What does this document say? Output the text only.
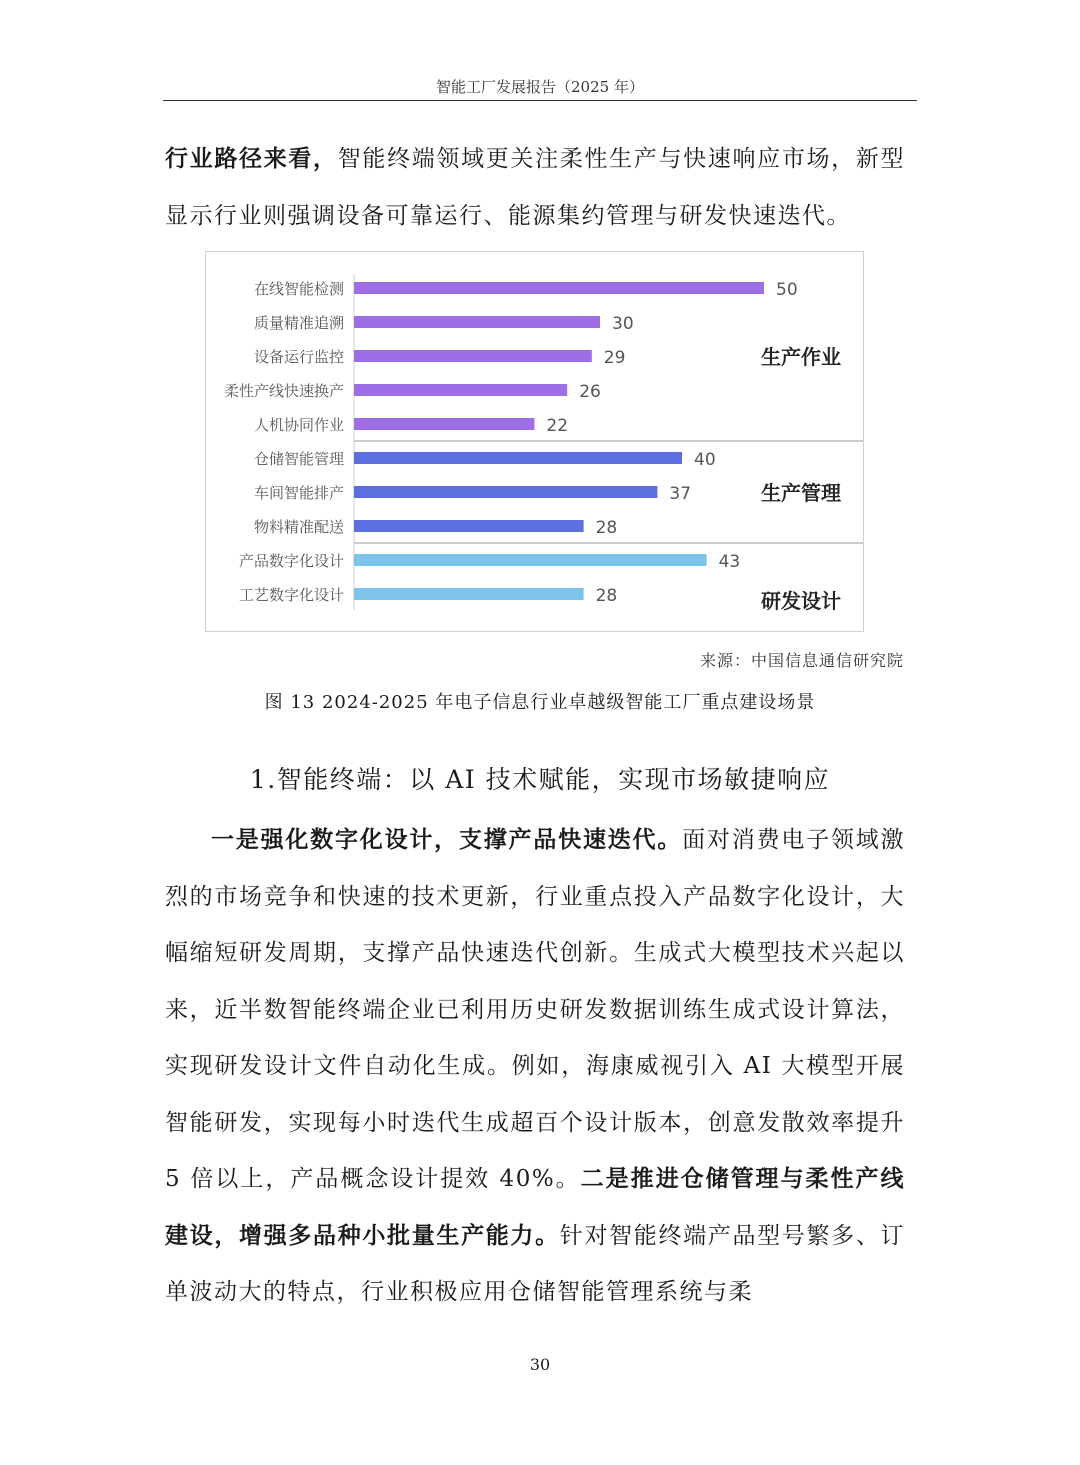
智能工厂发展报告（2025 年）
行业路径来看，智能终端领域更关注柔性生产与快速响应市场，新型显示行业则强调设备可靠运行、能源集约管理与研发快速迭代。
在线智能检测	50
质量精准追溯	30
设备运行监控	29
柔性产线快速换产	26
人机协同作业	22
仓储智能管理	40
车间智能排产	37
物料精准配送	28
产品数字化设计	43
工艺数字化设计	28
生产作业
生产管理
研发设计
来源：中国信息通信研究院
图 13 2024-2025 年电子信息行业卓越级智能工厂重点建设场景
1.智能终端：以 AI 技术赋能，实现市场敏捷响应
一是强化数字化设计，支撑产品快速迭代。面对消费电子领域激烈的市场竞争和快速的技术更新，行业重点投入产品数字化设计，大幅缩短研发周期，支撑产品快速迭代创新。生成式大模型技术兴起以来，近半数智能终端企业已利用历史研发数据训练生成式设计算法，实现研发设计文件自动化生成。例如，海康威视引入 AI 大模型开展智能研发，实现每小时迭代生成超百个设计版本，创意发散效率提升 5 倍以上，产品概念设计提效 40%。二是推进仓储管理与柔性产线建设，增强多品种小批量生产能力。针对智能终端产品型号繁多、订单波动大的特点，行业积极应用仓储智能管理系统与柔
30
